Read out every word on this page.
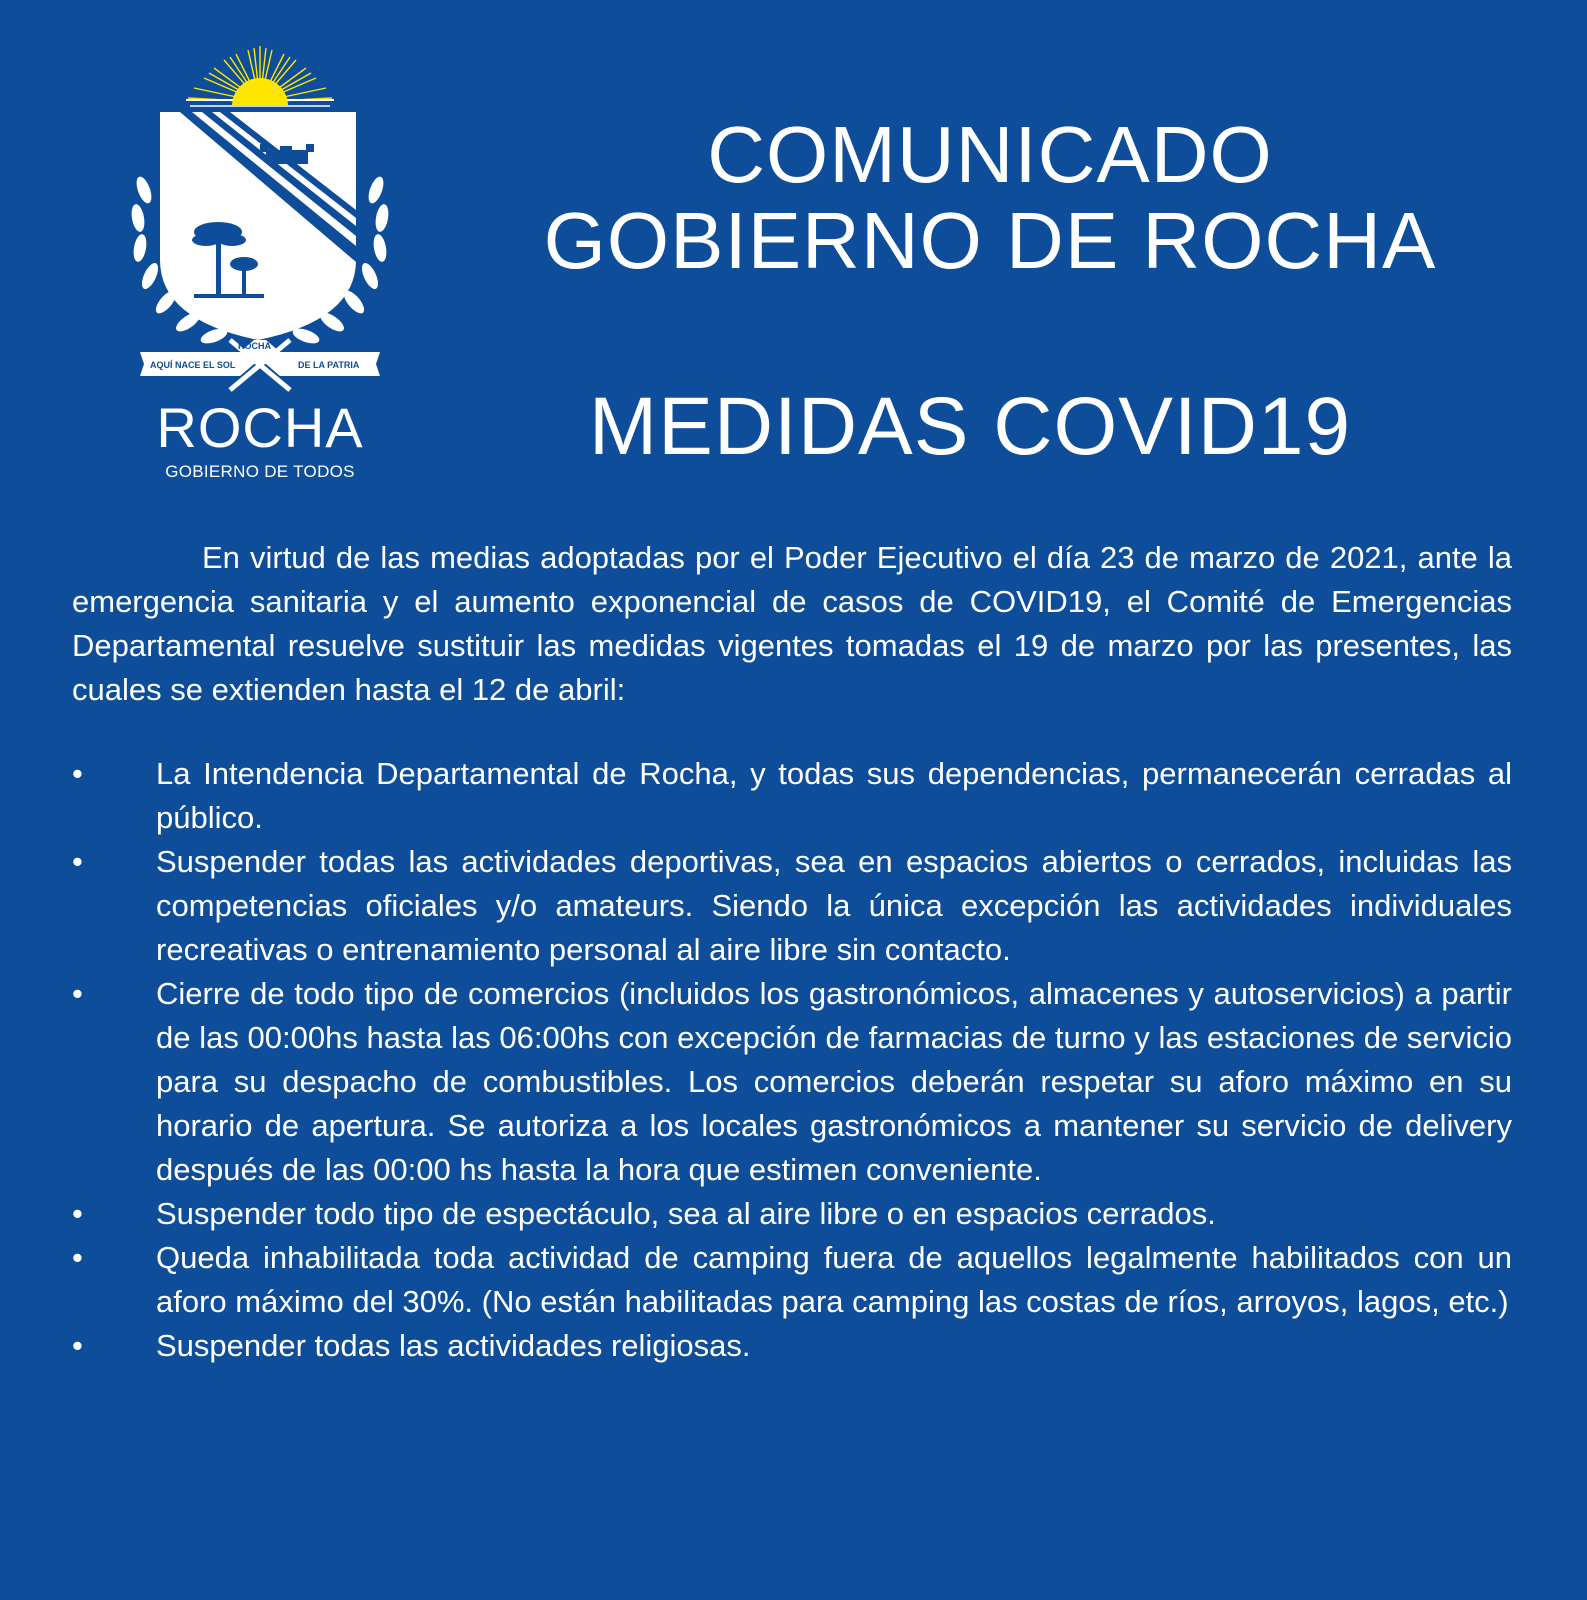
AQUÍ NACE EL SOL
ROCHA
DE LA PATRIA
ROCHA
GOBIERNO DE TODOS
COMUNICADO
GOBIERNO DE ROCHA
MEDIDAS COVID19

En virtud de las medias adoptadas por el Poder Ejecutivo el día 23 de marzo de 2021, ante la emergencia sanitaria y el aumento exponencial de casos de COVID19, el Comité de Emergencias Departamental resuelve sustituir las medidas vigentes tomadas el 19 de marzo por las presentes, las cuales se extienden hasta el 12 de abril:

• La Intendencia Departamental de Rocha, y todas sus dependencias, permanecerán cerradas al público.
• Suspender todas las actividades deportivas, sea en espacios abiertos o cerrados, incluidas las competencias oficiales y/o amateurs. Siendo la única excepción las actividades individuales recreativas o entrenamiento personal al aire libre sin contacto.
• Cierre de todo tipo de comercios (incluidos los gastronómicos, almacenes y autoservicios) a partir de las 00:00hs hasta las 06:00hs con excepción de farmacias de turno y las estaciones de servicio para su despacho de combustibles. Los comercios deberán respetar su aforo máximo en su horario de apertura. Se autoriza a los locales gastronómicos a mantener su servicio de delivery después de las 00:00 hs hasta la hora que estimen conveniente.
• Suspender todo tipo de espectáculo, sea al aire libre o en espacios cerrados.
• Queda inhabilitada toda actividad de camping fuera de aquellos legalmente habilitados con un aforo máximo del 30%. (No están habilitadas para camping las costas de ríos, arroyos, lagos, etc.)
• Suspender todas las actividades religiosas.
